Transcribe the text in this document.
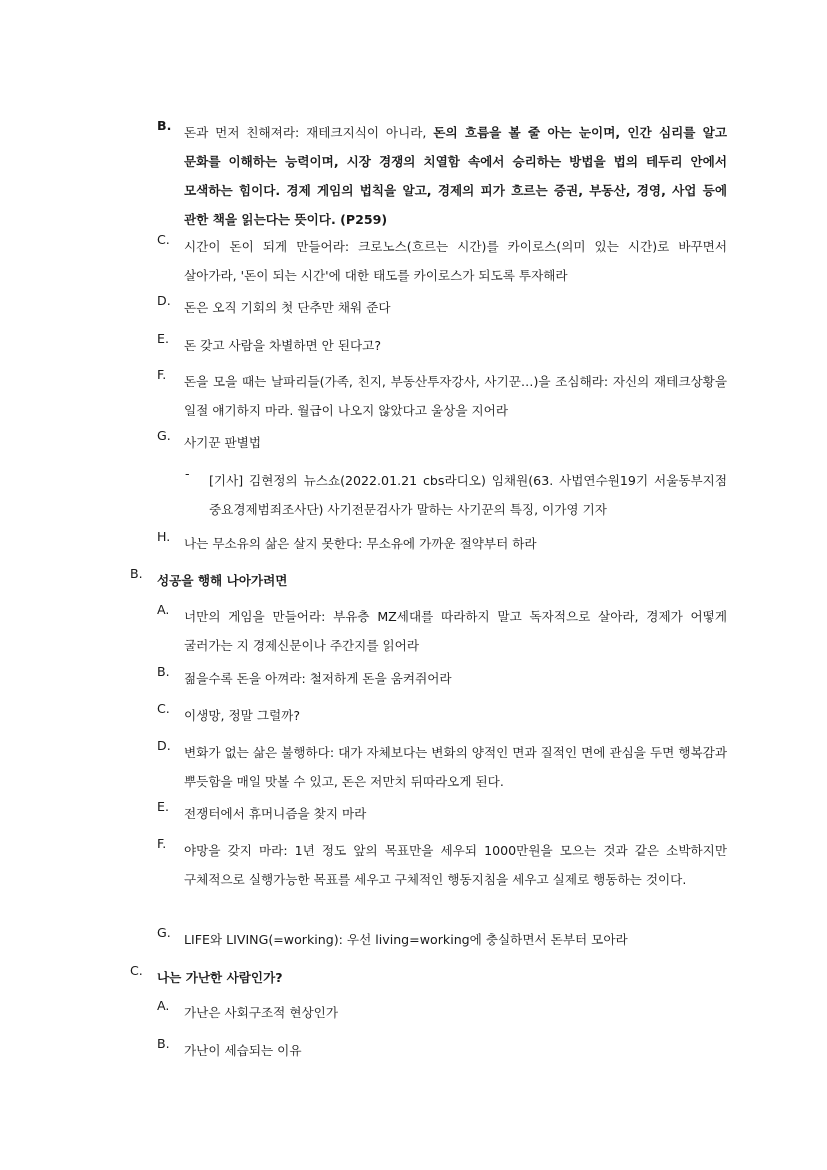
B.	돈과 먼저 친해져라: 재테크지식이 아니라, 돈의 흐름을 볼 줄 아는 눈이며, 인간 심리를 알고 문화를 이해하는 능력이며, 시장 경쟁의 치열함 속에서 승리하는 방법을 법의 테두리 안에서 모색하는 힘이다. 경제 게임의 법칙을 알고, 경제의 피가 흐르는 증권, 부동산, 경영, 사업 등에 관한 책을 읽는다는 뜻이다. (P259)
C.	시간이 돈이 되게 만들어라: 크로노스(흐르는 시간)를 카이로스(의미 있는 시간)로 바꾸면서 살아가라, '돈이 되는 시간'에 대한 태도를 카이로스가 되도록 투자해라
D.	돈은 오직 기회의 첫 단추만 채워 준다
E.	돈 갖고 사람을 차별하면 안 된다고?
F.	돈을 모을 때는 날파리들(가족, 친지, 부동산투자강사, 사기꾼…)을 조심해라: 자신의 재테크상황을 일절 얘기하지 마라. 월급이 나오지 않았다고 울상을 지어라
G.	사기꾼 판별법
-	[기사] 김현정의 뉴스쇼(2022.01.21 cbs라디오) 임채원(63. 사법연수원19기 서울동부지점 중요경제범죄조사단) 사기전문검사가 말하는 사기꾼의 특징, 이가영 기자
H.	나는 무소유의 삶은 살지 못한다: 무소유에 가까운 절약부터 하라
B.	성공을 행해 나아가려면
A.	너만의 게임을 만들어라: 부유층 MZ세대를 따라하지 말고 독자적으로 살아라, 경제가 어떻게 굴러가는 지 경제신문이나 주간지를 읽어라
B.	젊을수록 돈을 아껴라: 철저하게 돈을 움켜쥐어라
C.	이생망, 정말 그럴까?
D.	변화가 없는 삶은 불행하다: 대가 자체보다는 변화의 양적인 면과 질적인 면에 관심을 두면 행복감과 뿌듯함을 매일 맛볼 수 있고, 돈은 저만치 뒤따라오게 된다.
E.	전쟁터에서 휴머니즘을 찾지 마라
F.	야망을 갖지 마라: 1년 정도 앞의 목표만을 세우되 1000만원을 모으는 것과 같은 소박하지만 구체적으로 실행가능한 목표를 세우고 구체적인 행동지침을 세우고 실제로 행동하는 것이다.
G.	LIFE와 LIVING(=working): 우선 living=working에 충실하면서 돈부터 모아라
C.	나는 가난한 사람인가?
A.	가난은 사회구조적 현상인가
B.	가난이 세습되는 이유
